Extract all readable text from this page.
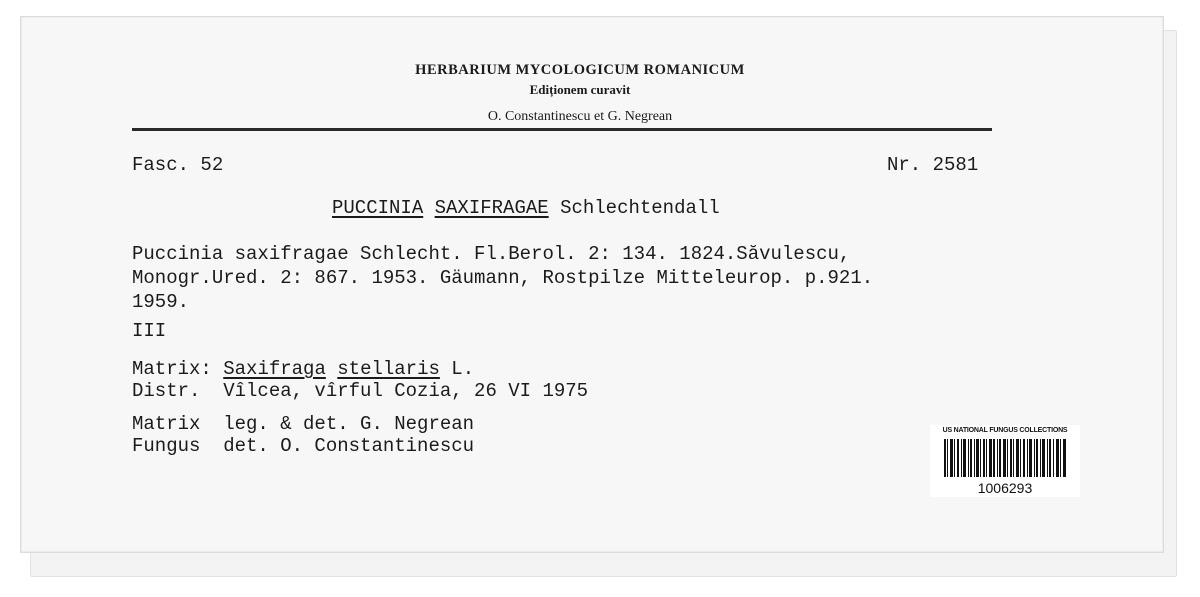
HERBARIUM MYCOLOGICUM ROMANICUM
Ediționem curavit
O. Constantinescu et G. Negrean
Fasc. 52	Nr. 2581
PUCCINIA SAXIFRAGAE Schlechtendall
Puccinia saxifragae Schlecht. Fl.Berol. 2: 134. 1824.Săvulescu,
Monogr.Ured. 2: 867. 1953. Gäumann, Rostpilze Mitteleurop. p.921.
1959.
III
Matrix: Saxifraga stellaris L.
Distr.  Vîlcea, vîrful Cozia, 26 VI 1975
Matrix  leg. & det. G. Negrean
Fungus  det. O. Constantinescu
US NATIONAL FUNGUS COLLECTIONS
1006293
